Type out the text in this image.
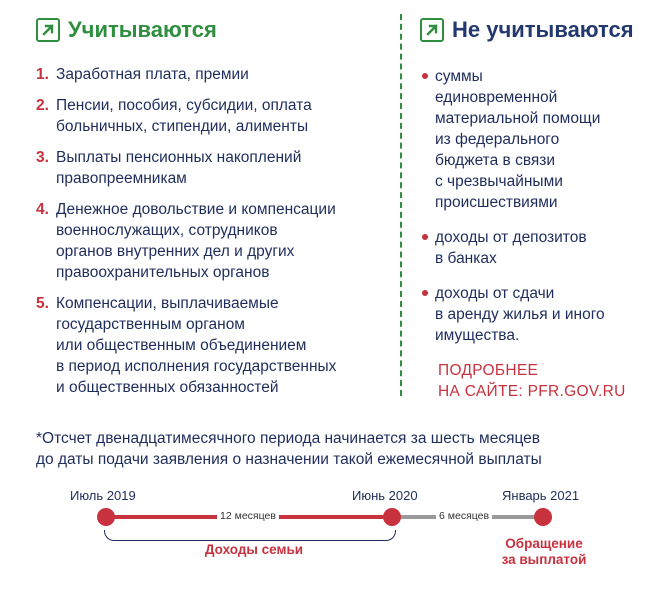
Учитываются
1. Заработная плата, премии
2. Пенсии, пособия, субсидии, оплата
больничных, стипендии, алименты
3. Выплаты пенсионных накоплений
правопреемникам
4. Денежное довольствие и компенсации
военнослужащих, сотрудников
органов внутренних дел и других
правоохранительных органов
5. Компенсации, выплачиваемые
государственным органом
или общественным объединением
в период исполнения государственных
и общественных обязанностей
Не учитываются
суммы
единовременной
материальной помощи
из федерального
бюджета в связи
с чрезвычайными
происшествиями
доходы от депозитов
в банках
доходы от сдачи
в аренду жилья и иного
имущества.
ПОДРОБНЕЕ
НА САЙТЕ: PFR.GOV.RU
*Отсчет двенадцатимесячного периода начинается за шесть месяцев
до даты подачи заявления о назначении такой ежемесячной выплаты
Июль 2019	Июнь 2020	Январь 2021
12 месяцев	6 месяцев
Доходы семьи	Обращение
за выплатой
